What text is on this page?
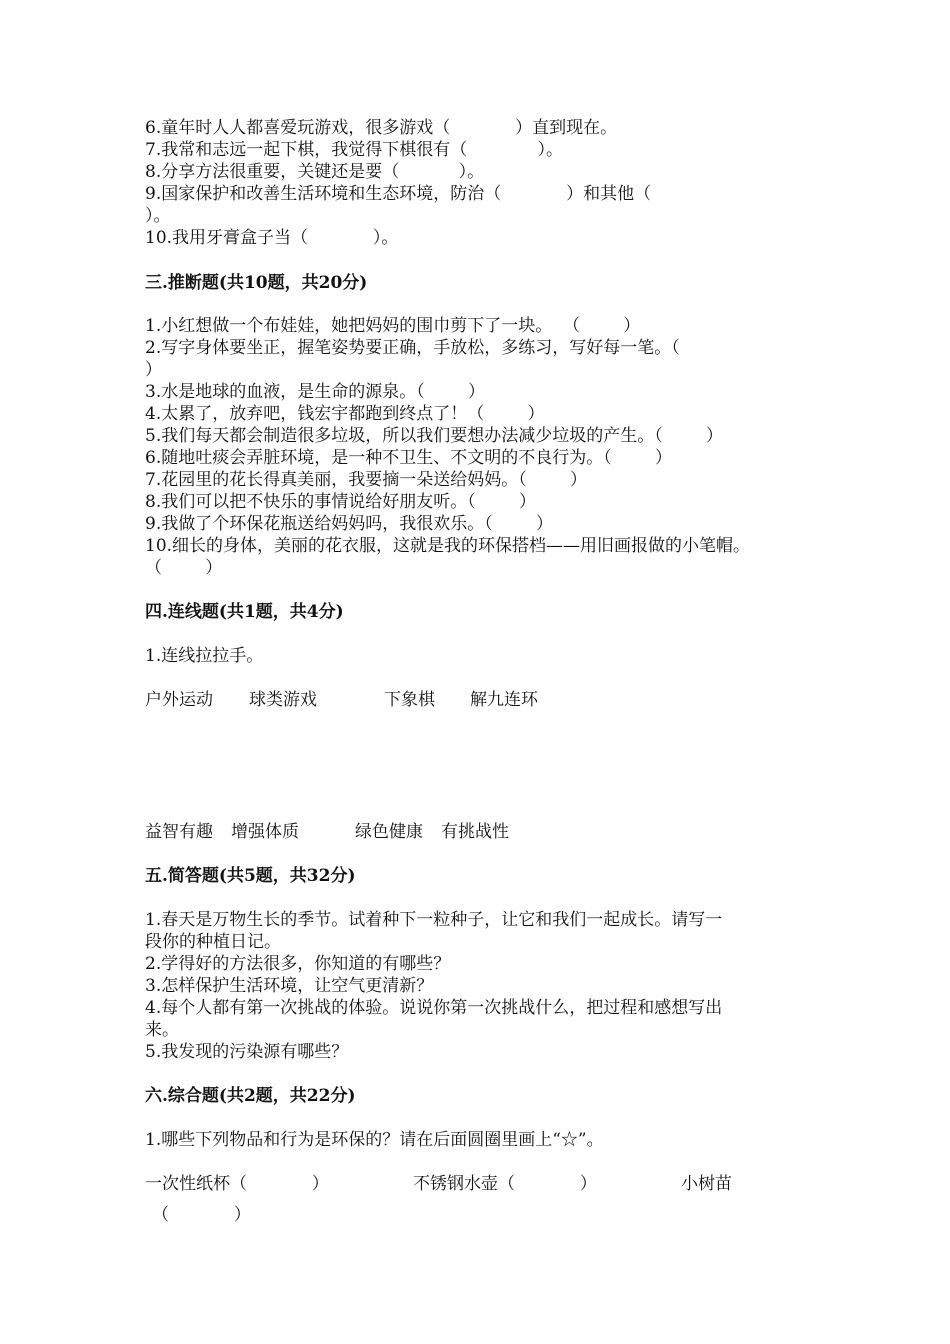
6.童年时人人都喜爱玩游戏，很多游戏（            ）直到现在。
7.我常和志远一起下棋，我觉得下棋很有（             ）。
8.分享方法很重要，关键还是要（           ）。
9.国家保护和改善生活环境和生态环境，防治（            ）和其他（
）。
10.我用牙膏盒子当（            ）。
三.推断题(共10题，共20分)
1.小红想做一个布娃娃，她把妈妈的围巾剪下了一块。  （        ）
2.写字身体要坐正，握笔姿势要正确，手放松，多练习，写好每一笔。（
）
3.水是地球的血液，是生命的源泉。（        ）
4.太累了，放弃吧，钱宏宇都跑到终点了！（        ）
5.我们每天都会制造很多垃圾，所以我们要想办法减少垃圾的产生。（        ）
6.随地吐痰会弄脏环境，是一种不卫生、不文明的不良行为。（        ）
7.花园里的花长得真美丽，我要摘一朵送给妈妈。（        ）
8.我们可以把不快乐的事情说给好朋友听。（        ）
9.我做了个环保花瓶送给妈妈吗，我很欢乐。（        ）
10.细长的身体，美丽的花衣服，这就是我的环保搭档——用旧画报做的小笔帽。
（        ）
四.连线题(共1题，共4分)
1.连线拉拉手。
户外运动 球类游戏	下象棋 解九连环
益智有趣 增强体质	绿色健康 有挑战性
五.简答题(共5题，共32分)
1.春天是万物生长的季节。试着种下一粒种子，让它和我们一起成长。请写一
段你的种植日记。
2.学得好的方法很多，你知道的有哪些？
3.怎样保护生活环境，让空气更清新？
4.每个人都有第一次挑战的体验。说说你第一次挑战什么，把过程和感想写出
来。
5.我发现的污染源有哪些？
六.综合题(共2题，共22分)
1.哪些下列物品和行为是环保的？请在后面圆圈里画上“☆”。
一次性纸杯（            ）	不锈钢水壶（            ）	小树苗
（            ）
